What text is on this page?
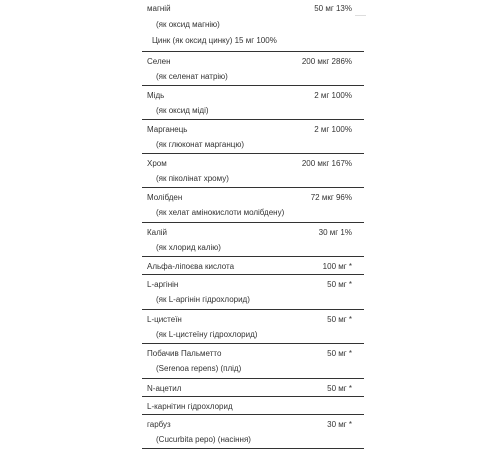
магній	50 мг 13%
(як оксид магнію)
Цинк (як оксид цинку) 15 мг 100%
Селен	200 мкг 286%
(як селенат натрію)
Мідь	2 мг 100%
(як оксид міді)
Марганець	2 мг 100%
(як глюконат марганцю)
Хром	200 мкг 167%
(як піколінат хрому)
Молібден	72 мкг 96%
(як хелат амінокислоти молібдену)
Калій	30 мг 1%
(як хлорид калію)
Альфа-ліпоєва кислота	100 мг *
L-аргінін	50 мг *
(як L-аргінін гідрохлорид)
L-цистеїн	50 мг *
(як L-цистеїну гідрохлорид)
Побачив Пальметто	50 мг *
(Serenoa repens) (плід)
N-ацетил	50 мг *
L-карнітин гідрохлорид
гарбуз	30 мг *
(Cucurbita pepo) (насіння)
